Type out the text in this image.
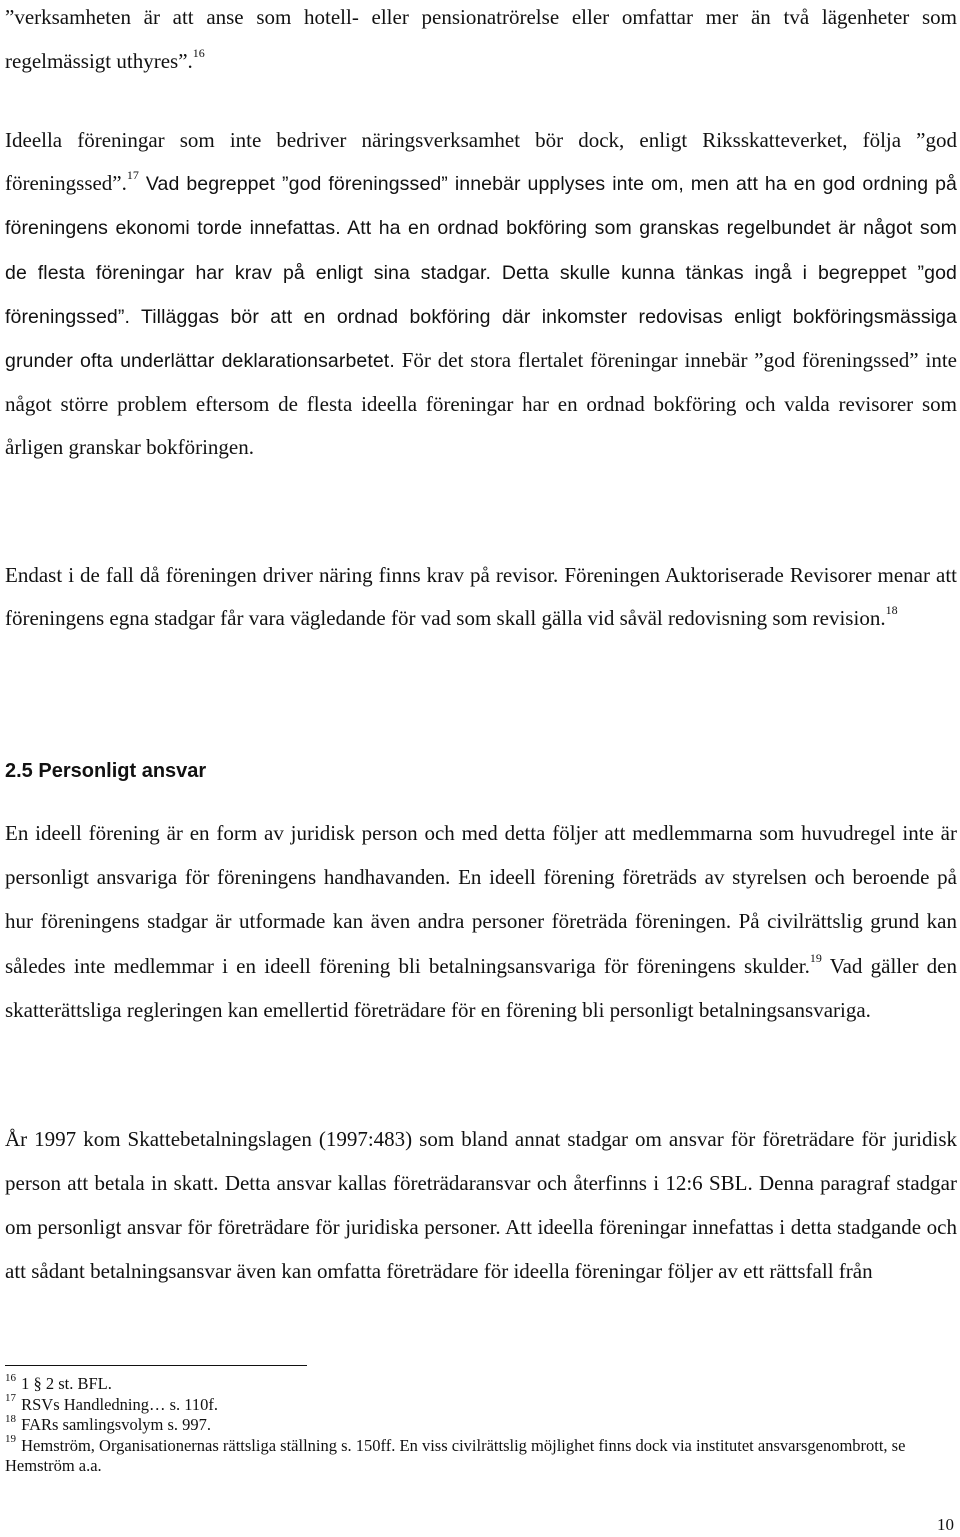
”verksamheten är att anse som hotell- eller pensionatrörelse eller omfattar mer än två lägenheter som regelmässigt uthyres”.$^{16}$

Ideella föreningar som inte bedriver näringsverksamhet bör dock, enligt Riksskatteverket, följa ”god föreningssed”.$^{17}$ Vad begreppet ”god föreningssed” innebär upplyses inte om, men att ha en god ordning på föreningens ekonomi torde innefattas. Att ha en ordnad bokföring som granskas regelbundet är något som de flesta föreningar har krav på enligt sina stadgar. Detta skulle kunna tänkas ingå i begreppet ”god föreningssed”. Tilläggas bör att en ordnad bokföring där inkomster redovisas enligt bokföringsmässiga grunder ofta underlättar deklarationsarbetet. För det stora flertalet föreningar innebär ”god föreningssed” inte något större problem eftersom de flesta ideella föreningar har en ordnad bokföring och valda revisorer som årligen granskar bokföringen.

Endast i de fall då föreningen driver näring finns krav på revisor. Föreningen Auktoriserade Revisorer menar att föreningens egna stadgar får vara vägledande för vad som skall gälla vid såväl redovisning som revision.$^{18}$

2.5 Personligt ansvar

En ideell förening är en form av juridisk person och med detta följer att medlemmarna som huvudregel inte är personligt ansvariga för föreningens handhavanden. En ideell förening företräds av styrelsen och beroende på hur föreningens stadgar är utformade kan även andra personer företräda föreningen. På civilrättslig grund kan således inte medlemmar i en ideell förening bli betalningsansvariga för föreningens skulder.$^{19}$ Vad gäller den skatterättsliga regleringen kan emellertid företrädare för en förening bli personligt betalningsansvariga.

År 1997 kom Skattebetalningslagen (1997:483) som bland annat stadgar om ansvar för företrädare för juridisk person att betala in skatt. Detta ansvar kallas företrädaransvar och återfinns i 12:6 SBL. Denna paragraf stadgar om personligt ansvar för företrädare för juridiska personer. Att ideella föreningar innefattas i detta stadgande och att sådant betalningsansvar även kan omfatta företrädare för ideella föreningar följer av ett rättsfall från

$^{16}$ 1 § 2 st. BFL.
$^{17}$ RSVs Handledning… s. 110f.
$^{18}$ FARs samlingsvolym s. 997.
$^{19}$ Hemström, Organisationernas rättsliga ställning s. 150ff. En viss civilrättslig möjlighet finns dock via institutet ansvarsgenombrott, se Hemström a.a.
10
